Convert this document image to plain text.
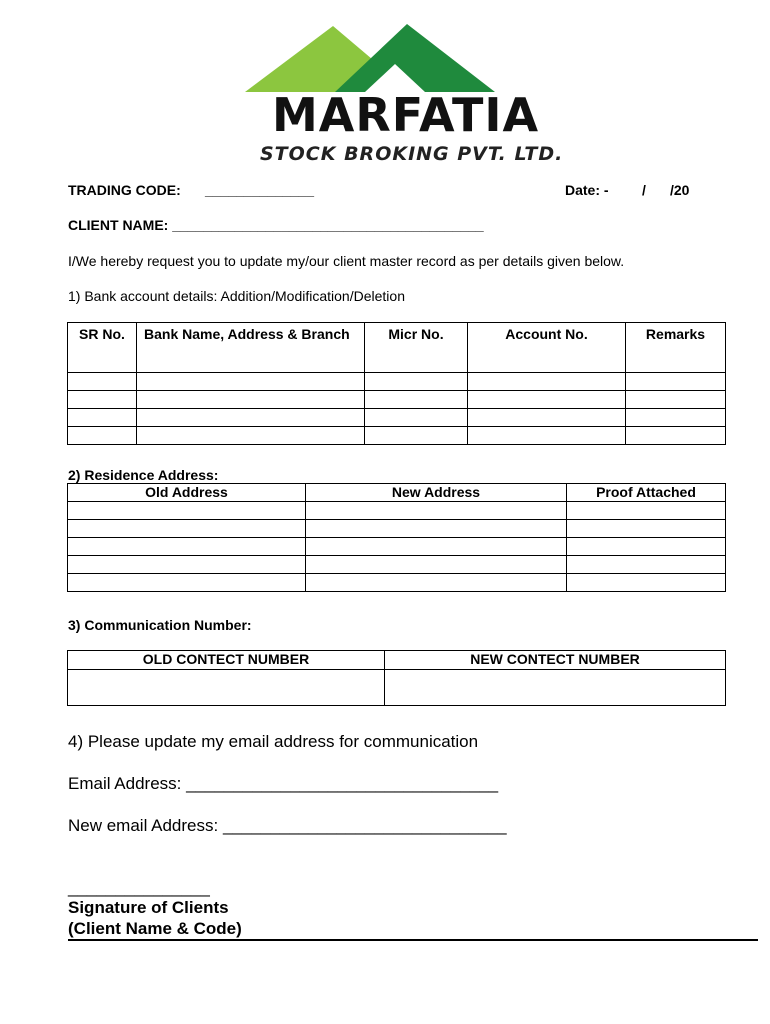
MARFATIA
STOCK BROKING PVT. LTD.
TRADING CODE: ______________	Date: - / /20
CLIENT NAME: ________________________________________
I/We hereby request you to update my/our client master record as per details given below.
1) Bank account details: Addition/Modification/Deletion
SR No.	Bank Name, Address & Branch	Micr No.	Account No.	Remarks

2) Residence Address:
Old Address	New Address	Proof Attached

3) Communication Number:
OLD CONTECT NUMBER	NEW CONTECT NUMBER

4) Please update my email address for communication
Email Address: _________________________________
New email Address: ______________________________
_______________
Signature of Clients
(Client Name & Code)
